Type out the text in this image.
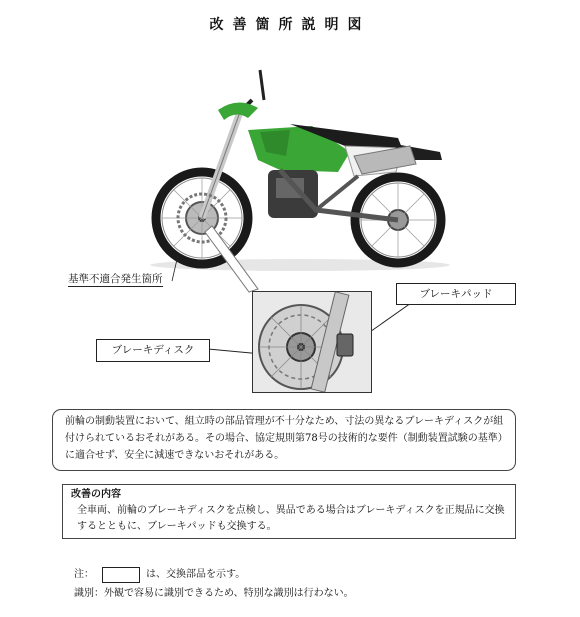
改善箇所説明図
基準不適合発生箇所
ブレーキパッド
ブレーキディスク
前輪の制動装置において、組立時の部品管理が不十分なため、寸法の異なるブレーキディスクが組付けられているおそれがある。その場合、協定規則第78号の技術的な要件（制動装置試験の基準）に適合せず、安全に減速できないおそれがある。
改善の内容
全車両、前輪のブレーキディスクを点検し、異品である場合はブレーキディスクを正規品に交換するとともに、ブレーキパッドも交換する。
注：	は、交換部品を示す。
識別：外観で容易に識別できるため、特別な識別は行わない。
